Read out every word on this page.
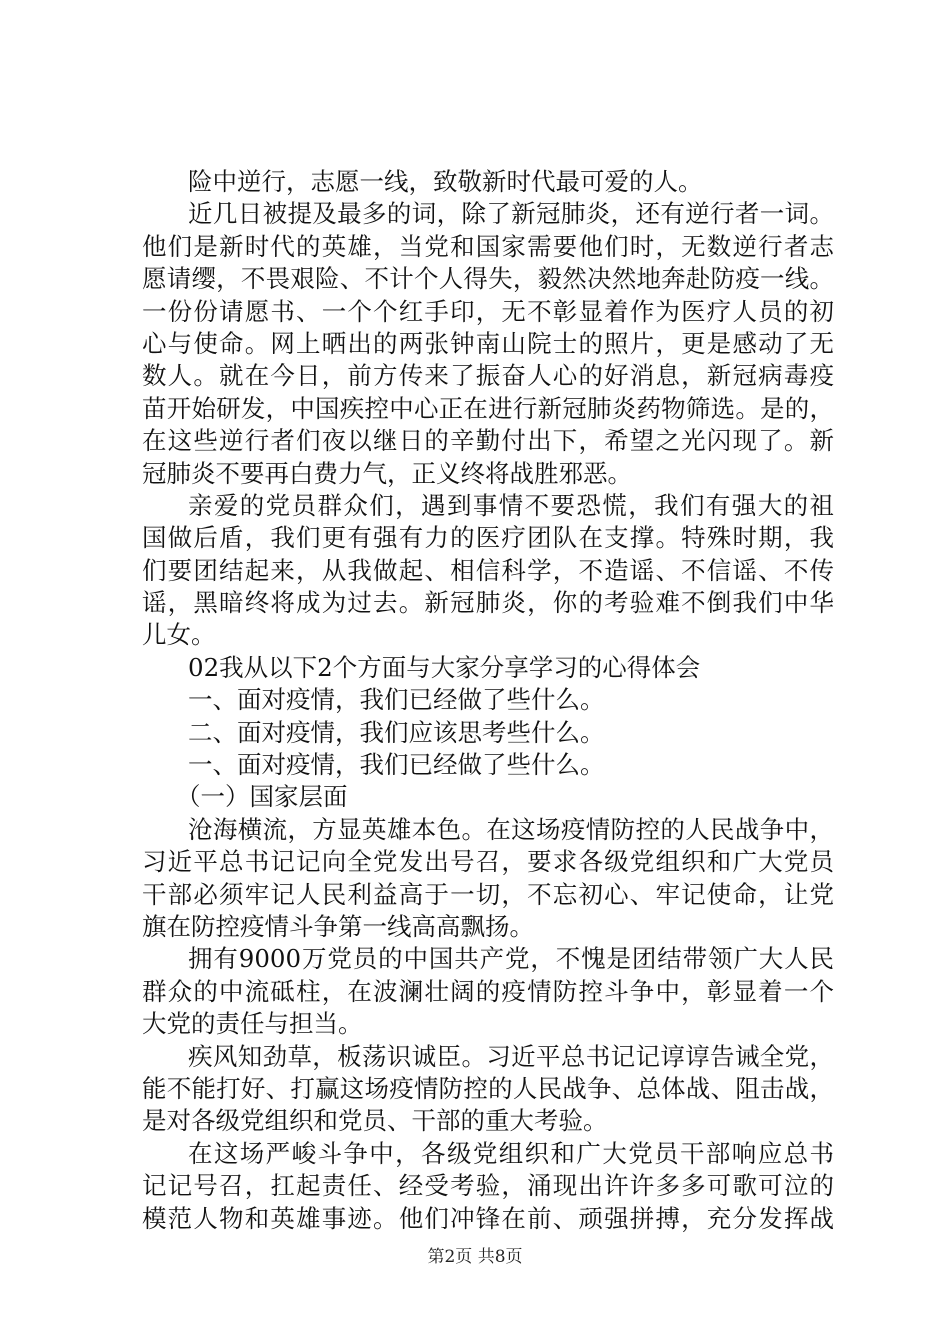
险中逆行，志愿一线，致敬新时代最可爱的人。
近几日被提及最多的词，除了新冠肺炎，还有逆行者一词。
他们是新时代的英雄，当党和国家需要他们时，无数逆行者志
愿请缨，不畏艰险、不计个人得失，毅然决然地奔赴防疫一线。
一份份请愿书、一个个红手印，无不彰显着作为医疗人员的初
心与使命。网上晒出的两张钟南山院士的照片，更是感动了无
数人。就在今日，前方传来了振奋人心的好消息，新冠病毒疫
苗开始研发，中国疾控中心正在进行新冠肺炎药物筛选。是的，
在这些逆行者们夜以继日的辛勤付出下，希望之光闪现了。新
冠肺炎不要再白费力气，正义终将战胜邪恶。
亲爱的党员群众们，遇到事情不要恐慌，我们有强大的祖
国做后盾，我们更有强有力的医疗团队在支撑。特殊时期，我
们要团结起来，从我做起、相信科学，不造谣、不信谣、不传
谣，黑暗终将成为过去。新冠肺炎，你的考验难不倒我们中华
儿女。
02我从以下2个方面与大家分享学习的心得体会
一、面对疫情，我们已经做了些什么。
二、面对疫情，我们应该思考些什么。
一、面对疫情，我们已经做了些什么。
（一）国家层面
沧海横流，方显英雄本色。在这场疫情防控的人民战争中，
习近平总书记记向全党发出号召，要求各级党组织和广大党员
干部必须牢记人民利益高于一切，不忘初心、牢记使命，让党
旗在防控疫情斗争第一线高高飘扬。
拥有9000万党员的中国共产党，不愧是团结带领广大人民
群众的中流砥柱，在波澜壮阔的疫情防控斗争中，彰显着一个
大党的责任与担当。
疾风知劲草，板荡识诚臣。习近平总书记记谆谆告诫全党，
能不能打好、打赢这场疫情防控的人民战争、总体战、阻击战，
是对各级党组织和党员、干部的重大考验。
在这场严峻斗争中，各级党组织和广大党员干部响应总书
记记号召，扛起责任、经受考验，涌现出许许多多可歌可泣的
模范人物和英雄事迹。他们冲锋在前、顽强拼搏，充分发挥战
第2页 共8页
